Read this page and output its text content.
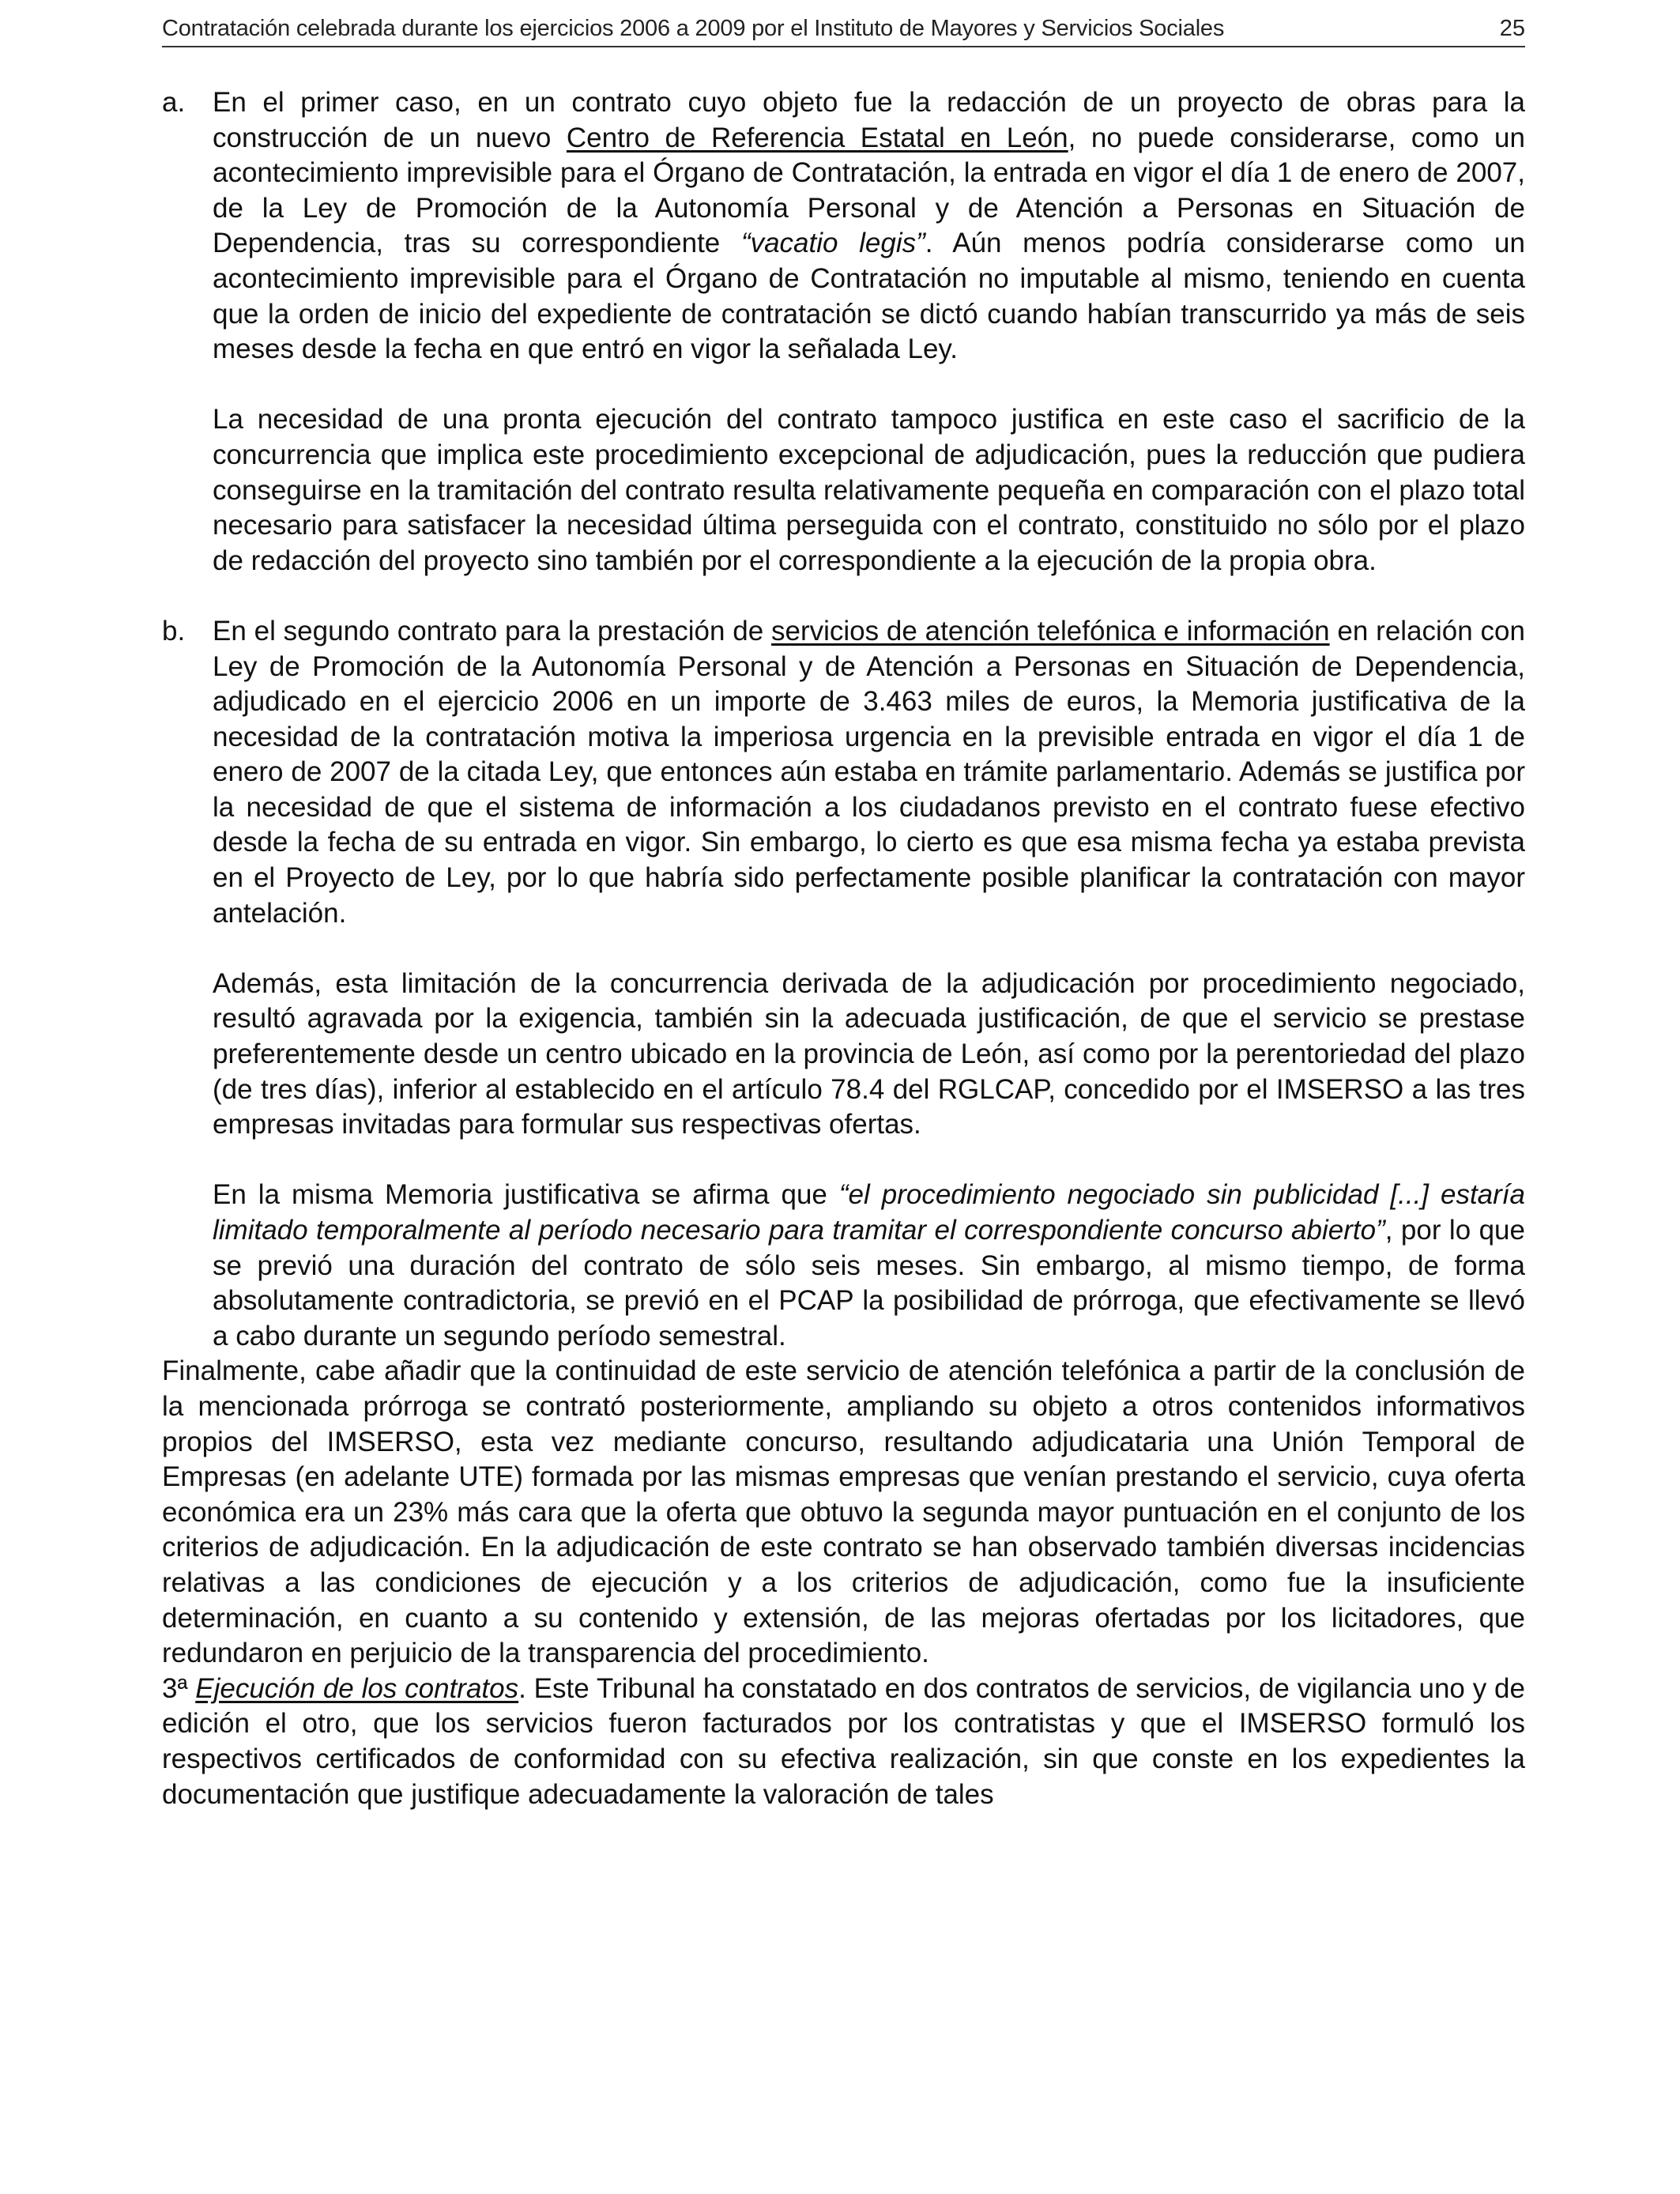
Contratación celebrada durante los ejercicios 2006 a 2009 por el Instituto de Mayores y Servicios Sociales	25
a. En el primer caso, en un contrato cuyo objeto fue la redacción de un proyecto de obras para la construcción de un nuevo Centro de Referencia Estatal en León, no puede considerarse, como un acontecimiento imprevisible para el Órgano de Contratación, la entrada en vigor el día 1 de enero de 2007, de la Ley de Promoción de la Autonomía Personal y de Atención a Personas en Situación de Dependencia, tras su correspondiente “vacatio legis”. Aún menos podría considerarse como un acontecimiento imprevisible para el Órgano de Contratación no imputable al mismo, teniendo en cuenta que la orden de inicio del expediente de contratación se dictó cuando habían transcurrido ya más de seis meses desde la fecha en que entró en vigor la señalada Ley.

La necesidad de una pronta ejecución del contrato tampoco justifica en este caso el sacrificio de la concurrencia que implica este procedimiento excepcional de adjudicación, pues la reducción que pudiera conseguirse en la tramitación del contrato resulta relativamente pequeña en comparación con el plazo total necesario para satisfacer la necesidad última perseguida con el contrato, constituido no sólo por el plazo de redacción del proyecto sino también por el correspondiente a la ejecución de la propia obra.

b. En el segundo contrato para la prestación de servicios de atención telefónica e información en relación con Ley de Promoción de la Autonomía Personal y de Atención a Personas en Situación de Dependencia, adjudicado en el ejercicio 2006 en un importe de 3.463 miles de euros, la Memoria justificativa de la necesidad de la contratación motiva la imperiosa urgencia en la previsible entrada en vigor el día 1 de enero de 2007 de la citada Ley, que entonces aún estaba en trámite parlamentario. Además se justifica por la necesidad de que el sistema de información a los ciudadanos previsto en el contrato fuese efectivo desde la fecha de su entrada en vigor. Sin embargo, lo cierto es que esa misma fecha ya estaba prevista en el Proyecto de Ley, por lo que habría sido perfectamente posible planificar la contratación con mayor antelación.

Además, esta limitación de la concurrencia derivada de la adjudicación por procedimiento negociado, resultó agravada por la exigencia, también sin la adecuada justificación, de que el servicio se prestase preferentemente desde un centro ubicado en la provincia de León, así como por la perentoriedad del plazo (de tres días), inferior al establecido en el artículo 78.4 del RGLCAP, concedido por el IMSERSO a las tres empresas invitadas para formular sus respectivas ofertas.

En la misma Memoria justificativa se afirma que “el procedimiento negociado sin publicidad [...] estaría limitado temporalmente al período necesario para tramitar el correspondiente concurso abierto”, por lo que se previó una duración del contrato de sólo seis meses. Sin embargo, al mismo tiempo, de forma absolutamente contradictoria, se previó en el PCAP la posibilidad de prórroga, que efectivamente se llevó a cabo durante un segundo período semestral.

Finalmente, cabe añadir que la continuidad de este servicio de atención telefónica a partir de la conclusión de la mencionada prórroga se contrató posteriormente, ampliando su objeto a otros contenidos informativos propios del IMSERSO, esta vez mediante concurso, resultando adjudicataria una Unión Temporal de Empresas (en adelante UTE) formada por las mismas empresas que venían prestando el servicio, cuya oferta económica era un 23% más cara que la oferta que obtuvo la segunda mayor puntuación en el conjunto de los criterios de adjudicación. En la adjudicación de este contrato se han observado también diversas incidencias relativas a las condiciones de ejecución y a los criterios de adjudicación, como fue la insuficiente determinación, en cuanto a su contenido y extensión, de las mejoras ofertadas por los licitadores, que redundaron en perjuicio de la transparencia del procedimiento.

3ª Ejecución de los contratos. Este Tribunal ha constatado en dos contratos de servicios, de vigilancia uno y de edición el otro, que los servicios fueron facturados por los contratistas y que el IMSERSO formuló los respectivos certificados de conformidad con su efectiva realización, sin que conste en los expedientes la documentación que justifique adecuadamente la valoración de tales
